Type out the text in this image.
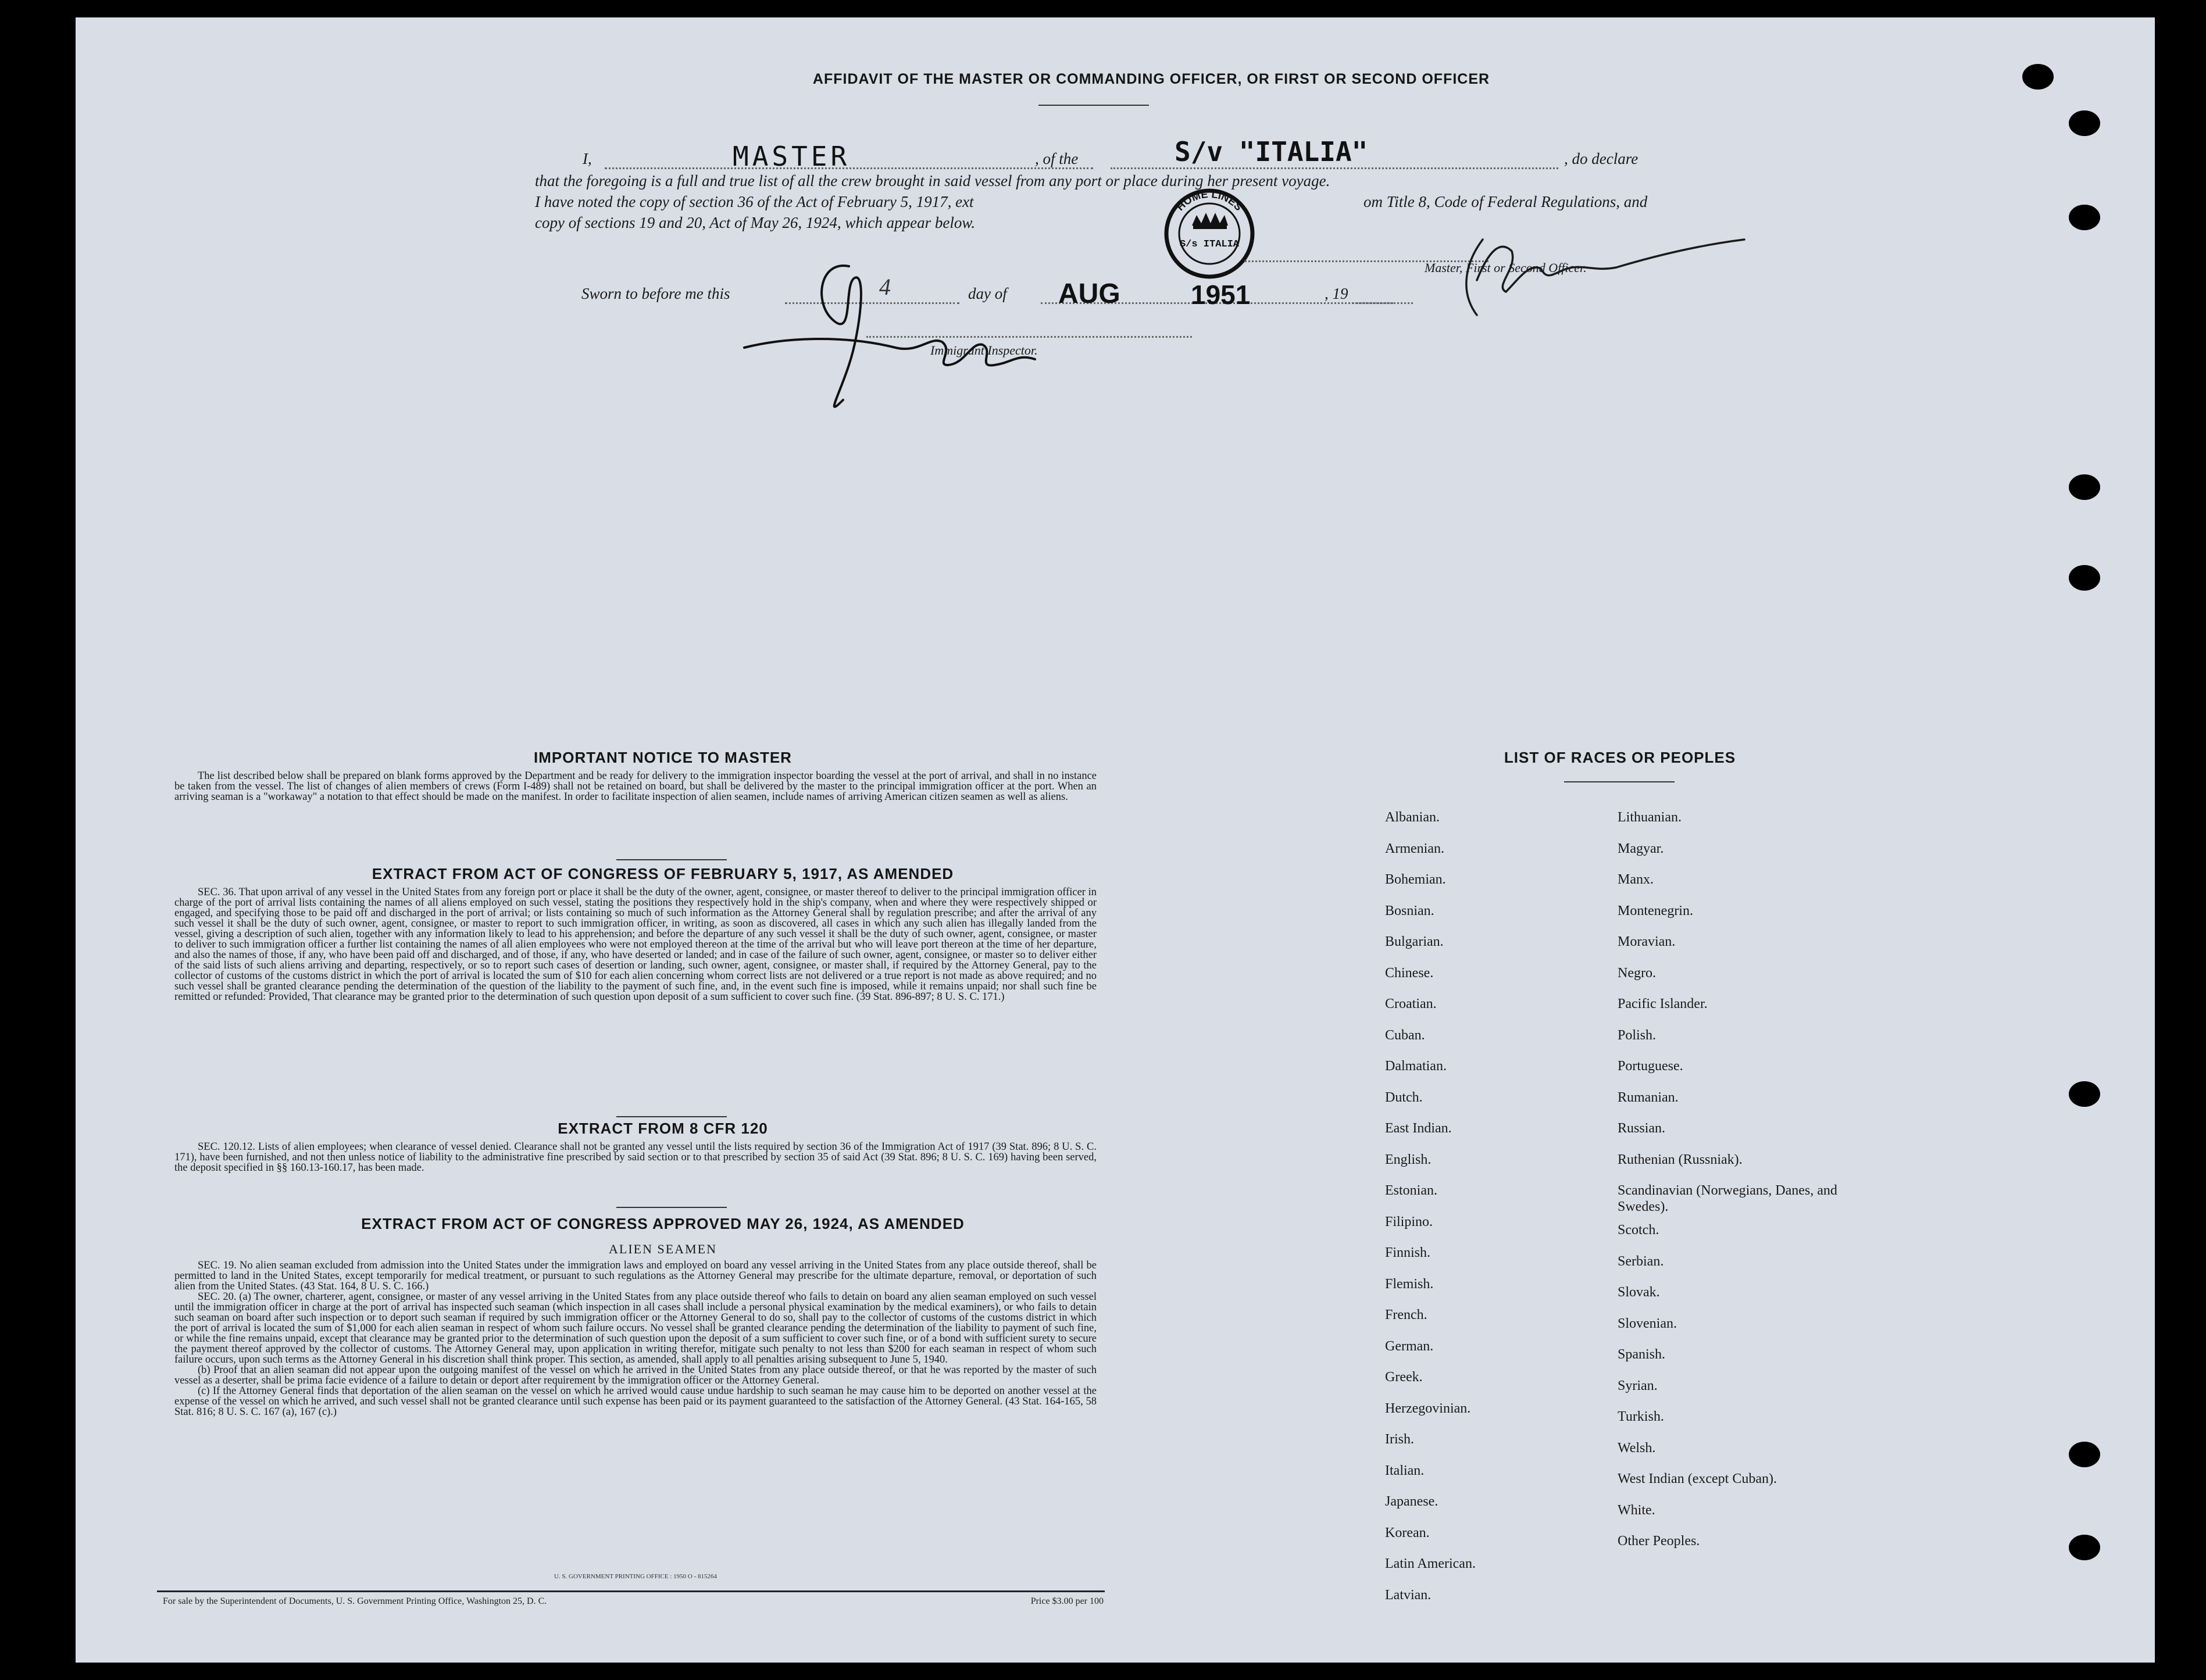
AFFIDAVIT OF THE MASTER OR COMMANDING OFFICER, OR FIRST OR SECOND OFFICER
I,	MASTER	, of the	S/v "ITALIA"	, do declare
that the foregoing is a full and true list of all the crew brought in said vessel from any port or place during her present voyage.
I have noted the copy of section 36 of the Act of February 5, 1917, ext	om Title 8, Code of Federal Regulations, and
copy of sections 19 and 20, Act of May 26, 1924, which appear below.
HOME LINES
S/s ITALIA
Master, First or Second Officer.
Sworn to before me this	4	day of AUG	1951	, 19
Immigrant Inspector.
IMPORTANT NOTICE TO MASTER
The list described below shall be prepared on blank forms approved by the Department and be ready for delivery to the immigration inspector boarding the vessel at the port of arrival, and shall in no instance be taken from the vessel. The list of changes of alien members of crews (Form I-489) shall not be retained on board, but shall be delivered by the master to the principal immigration officer at the port. When an arriving seaman is a "workaway" a notation to that effect should be made on the manifest. In order to facilitate inspection of alien seamen, include names of arriving American citizen seamen as well as aliens.
EXTRACT FROM ACT OF CONGRESS OF FEBRUARY 5, 1917, AS AMENDED
SEC. 36. That upon arrival of any vessel in the United States from any foreign port or place it shall be the duty of the owner, agent, consignee, or master thereof to deliver to the principal immigration officer in charge of the port of arrival lists containing the names of all aliens employed on such vessel, stating the positions they respectively hold in the ship's company, when and where they were respectively shipped or engaged, and specifying those to be paid off and discharged in the port of arrival; or lists containing so much of such information as the Attorney General shall by regulation prescribe; and after the arrival of any such vessel it shall be the duty of such owner, agent, consignee, or master to report to such immigration officer, in writing, as soon as discovered, all cases in which any such alien has illegally landed from the vessel, giving a description of such alien, together with any information likely to lead to his apprehension; and before the departure of any such vessel it shall be the duty of such owner, agent, consignee, or master to deliver to such immigration officer a further list containing the names of all alien employees who were not employed thereon at the time of the arrival but who will leave port thereon at the time of her departure, and also the names of those, if any, who have been paid off and discharged, and of those, if any, who have deserted or landed; and in case of the failure of such owner, agent, consignee, or master so to deliver either of the said lists of such aliens arriving and departing, respectively, or so to report such cases of desertion or landing, such owner, agent, consignee, or master shall, if required by the Attorney General, pay to the collector of customs of the customs district in which the port of arrival is located the sum of $10 for each alien concerning whom correct lists are not delivered or a true report is not made as above required; and no such vessel shall be granted clearance pending the determination of the question of the liability to the payment of such fine, and, in the event such fine is imposed, while it remains unpaid; nor shall such fine be remitted or refunded: Provided, That clearance may be granted prior to the determination of such question upon deposit of a sum sufficient to cover such fine. (39 Stat. 896-897; 8 U. S. C. 171.)
EXTRACT FROM 8 CFR 120
SEC. 120.12. Lists of alien employees; when clearance of vessel denied. Clearance shall not be granted any vessel until the lists required by section 36 of the Immigration Act of 1917 (39 Stat. 896; 8 U. S. C. 171), have been furnished, and not then unless notice of liability to the administrative fine prescribed by said section or to that prescribed by section 35 of said Act (39 Stat. 896; 8 U. S. C. 169) having been served, the deposit specified in §§ 160.13-160.17, has been made.
EXTRACT FROM ACT OF CONGRESS APPROVED MAY 26, 1924, AS AMENDED
ALIEN SEAMEN

SEC. 19. No alien seaman excluded from admission into the United States under the immigration laws and employed on board any vessel arriving in the United States from any place outside thereof, shall be permitted to land in the United States, except temporarily for medical treatment, or pursuant to such regulations as the Attorney General may prescribe for the ultimate departure, removal, or deportation of such alien from the United States. (43 Stat. 164, 8 U. S. C. 166.)

SEC. 20. (a) The owner, charterer, agent, consignee, or master of any vessel arriving in the United States from any place outside thereof who fails to detain on board any alien seaman employed on such vessel until the immigration officer in charge at the port of arrival has inspected such seaman (which inspection in all cases shall include a personal physical examination by the medical examiners), or who fails to detain such seaman on board after such inspection or to deport such seaman if required by such immigration officer or the Attorney General to do so, shall pay to the collector of customs of the customs district in which the port of arrival is located the sum of $1,000 for each alien seaman in respect of whom such failure occurs. No vessel shall be granted clearance pending the determination of the liability to payment of such fine, or while the fine remains unpaid, except that clearance may be granted prior to the determination of such question upon the deposit of a sum sufficient to cover such fine, or of a bond with sufficient surety to secure the payment thereof approved by the collector of customs. The Attorney General may, upon application in writing therefor, mitigate such penalty to not less than $200 for each seaman in respect of whom such failure occurs, upon such terms as the Attorney General in his discretion shall think proper. This section, as amended, shall apply to all penalties arising subsequent to June 5, 1940.

(b) Proof that an alien seaman did not appear upon the outgoing manifest of the vessel on which he arrived in the United States from any place outside thereof, or that he was reported by the master of such vessel as a deserter, shall be prima facie evidence of a failure to detain or deport after requirement by the immigration officer or the Attorney General.

(c) If the Attorney General finds that deportation of the alien seaman on the vessel on which he arrived would cause undue hardship to such seaman he may cause him to be deported on another vessel at the expense of the vessel on which he arrived, and such vessel shall not be granted clearance until such expense has been paid or its payment guaranteed to the satisfaction of the Attorney General. (43 Stat. 164-165, 58 Stat. 816; 8 U. S. C. 167 (a), 167 (c).)

U. S. GOVERNMENT PRINTING OFFICE : 1950 O - 815264
For sale by the Superintendent of Documents, U. S. Government Printing Office, Washington 25, D. C.	Price $3.00 per 100
LIST OF RACES OR PEOPLES
Albanian.
Armenian.
Bohemian.
Bosnian.
Bulgarian.
Chinese.
Croatian.
Cuban.
Dalmatian.
Dutch.
East Indian.
English.
Estonian.
Filipino.
Finnish.
Flemish.
French.
German.
Greek.
Herzegovinian.
Irish.
Italian.
Japanese.
Korean.
Latin American.
Latvian.
Lithuanian.
Magyar.
Manx.
Montenegrin.
Moravian.
Negro.
Pacific Islander.
Polish.
Portuguese.
Rumanian.
Russian.
Ruthenian (Russniak).
Scandinavian (Norwegians, Danes, and Swedes).
Scotch.
Serbian.
Slovak.
Slovenian.
Spanish.
Syrian.
Turkish.
Welsh.
West Indian (except Cuban).
White.
Other Peoples.
